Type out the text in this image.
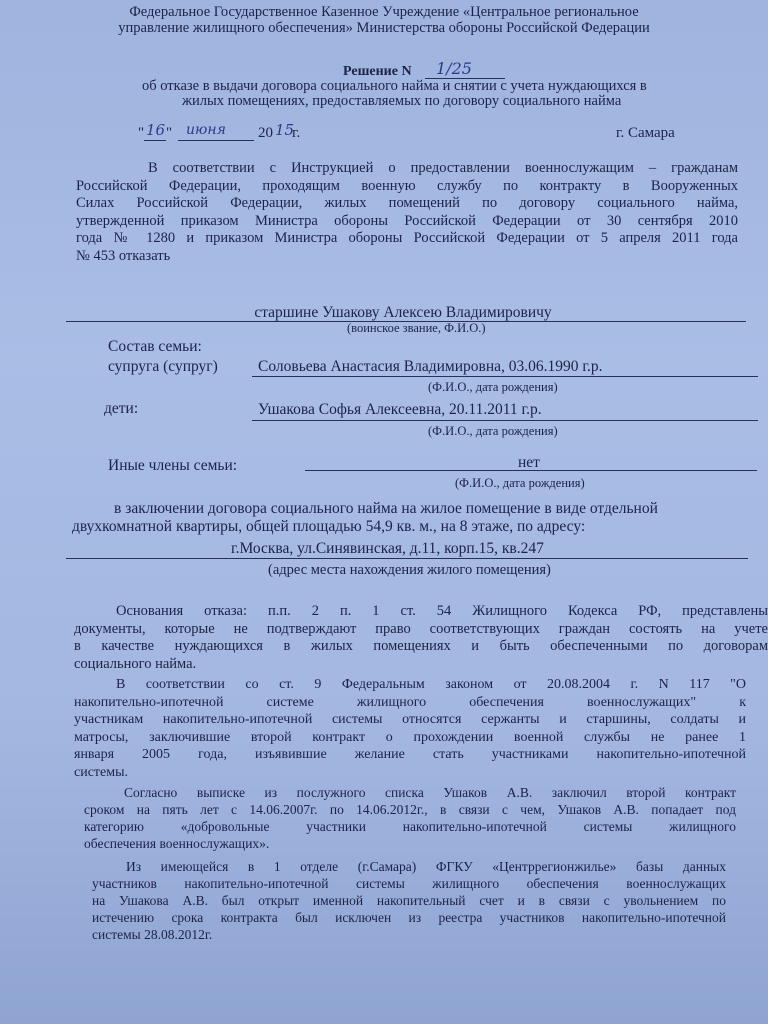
Федеральное Государственное Казенное Учреждение «Центральное региональное
управление жилищного обеспечения» Министерства обороны Российской Федерации
Решение N 1/25
об отказе в выдачи договора социального найма и снятии с учета нуждающихся в
жилых помещениях, предоставляемых по договору социального найма
" 16 " июня 20 15
г.	г. Самара
В соответствии с Инструкцией о предоставлении военнослужащим – гражданам
Российской Федерации, проходящим военную службу по контракту в Вооруженных
Силах Российской Федерации, жилых помещений по договору социального найма,
утвержденной приказом Министра обороны Российской Федерации от 30 сентября 2010
года № 1280 и приказом Министра обороны Российской Федерации от 5 апреля 2011 года
№ 453 отказать
старшине Ушакову Алексею Владимировичу
(воинское звание, Ф.И.О.)
Состав семьи:
супруга (супруг)	Соловьева Анастасия Владимировна, 03.06.1990 г.р.
(Ф.И.О., дата рождения)
дети:	Ушакова Софья Алексеевна, 20.11.2011 г.р.
(Ф.И.О., дата рождения)
Иные члены семьи:	нет
(Ф.И.О., дата рождения)
в заключении договора социального найма на жилое помещение в виде отдельной
двухкомнатной квартиры, общей площадью 54,9 кв. м., на 8 этаже, по адресу:
г.Москва, ул.Синявинская, д.11, корп.15, кв.247
(адрес места нахождения жилого помещения)
Основания отказа: п.п. 2 п. 1 ст. 54 Жилищного Кодекса РФ, представлены
документы, которые не подтверждают право соответствующих граждан состоять на учете
в качестве нуждающихся в жилых помещениях и быть обеспеченными по договорам
социального найма.
В соответствии со ст. 9 Федеральным законом от 20.08.2004 г. N 117 "О
накопительно-ипотечной системе жилищного обеспечения военнослужащих" к
участникам накопительно-ипотечной системы относятся сержанты и старшины, солдаты и
матросы, заключившие второй контракт о прохождении военной службы не ранее 1
января 2005 года, изъявившие желание стать участниками накопительно-ипотечной
системы.
Согласно выписке из послужного списка Ушаков А.В. заключил второй контракт
сроком на пять лет с 14.06.2007г. по 14.06.2012г., в связи с чем, Ушаков А.В. попадает под
категорию «добровольные участники накопительно-ипотечной системы жилищного
обеспечения военнослужащих».
Из имеющейся в 1 отделе (г.Самара) ФГКУ «Центррегионжилье» базы данных
участников накопительно-ипотечной системы жилищного обеспечения военнослужащих
на Ушакова А.В. был открыт именной накопительный счет и в связи с увольнением по
истечению срока контракта был исключен из реестра участников накопительно-ипотечной
системы 28.08.2012г.
